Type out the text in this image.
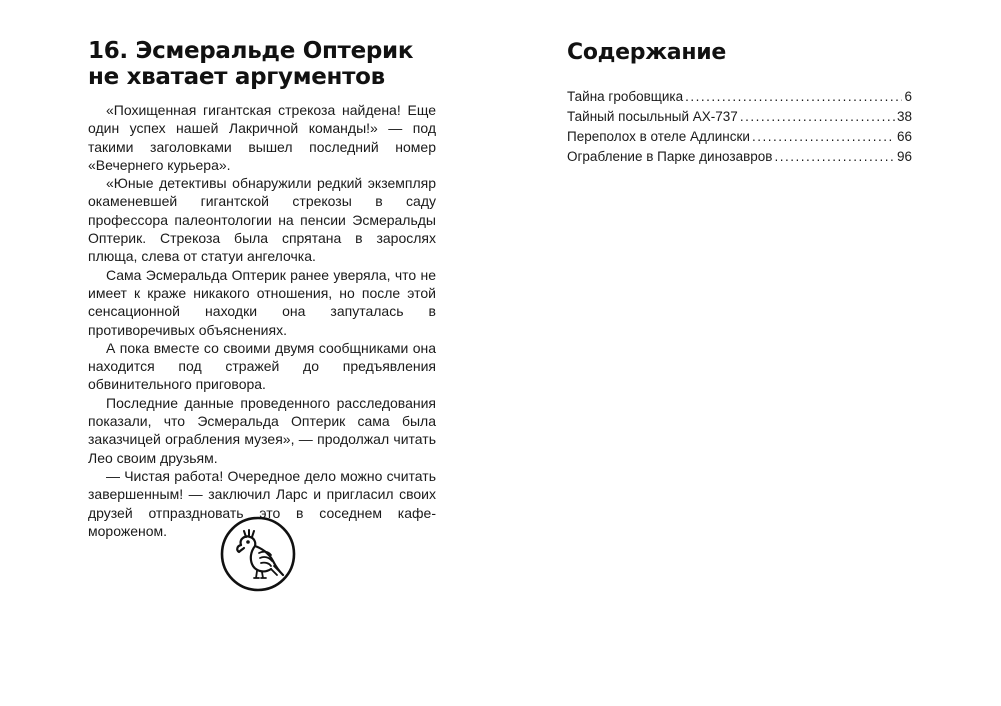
16. Эсмеральде Оптерик
не хватает аргументов

«Похищенная гигантская стрекоза найдена! Еще один успех нашей Лакричной команды!» — под такими заголовками вышел последний номер «Вечернего курьера».

«Юные детективы обнаружили редкий экземпляр окаменевшей гигантской стрекозы в саду профессора палеонтологии на пенсии Эсмеральды Оптерик. Стрекоза была спрятана в зарослях плюща, слева от статуи ангелочка.

Сама Эсмеральда Оптерик ранее уверяла, что не имеет к краже никакого отношения, но после этой сенсационной находки она запуталась в противоречивых объяснениях.

А пока вместе со своими двумя сообщниками она находится под стражей до предъявления обвинительного приговора.

Последние данные проведенного расследования показали, что Эсмеральда Оптерик сама была заказчицей ограбления музея», — продолжал читать Лео своим друзьям.

— Чистая работа! Очередное дело можно считать завершенным! — заключил Ларс и пригласил своих друзей отпраздновать это в соседнем кафе-мороженом.

Содержание
Тайна гробовщика .....	6
Тайный посыльный АХ-737 .....	38
Переполох в отеле Адлински .....	66
Ограбление в Парке динозавров .....	96
